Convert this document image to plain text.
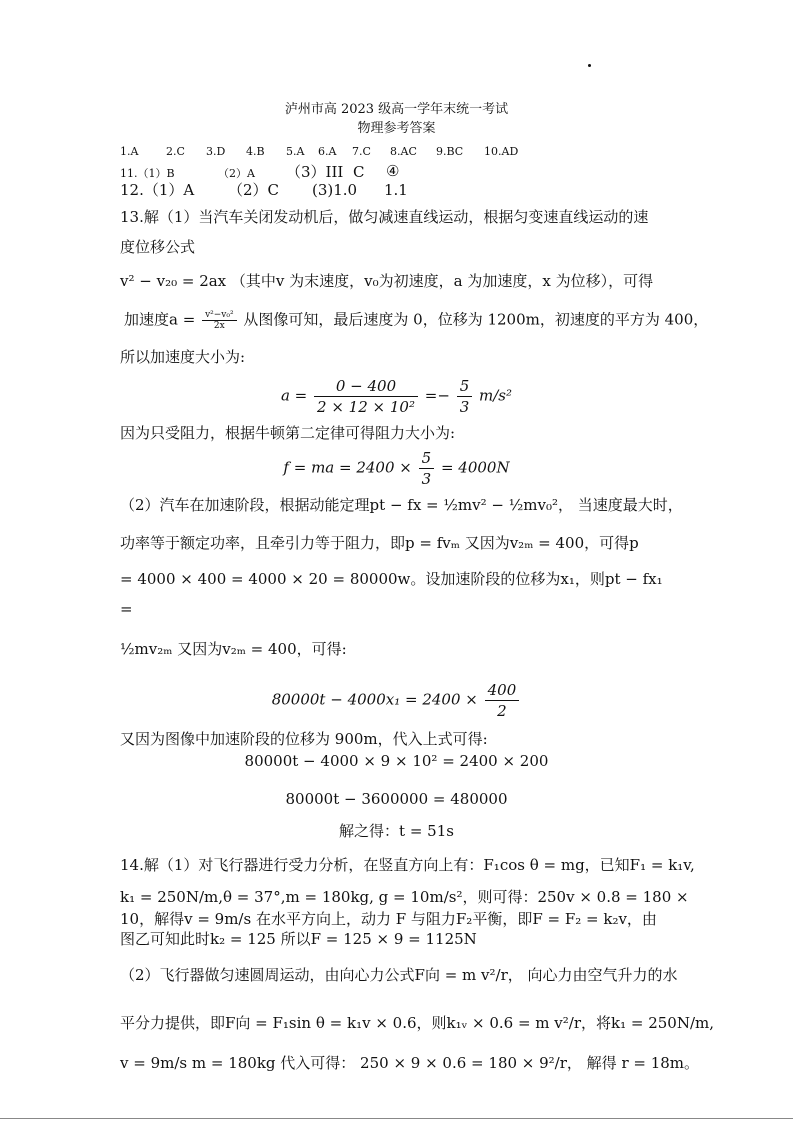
泸州市高 2023 级高一学年末统一考试
物理参考答案
1.A	2.C 3.D 4.B 5.A 6.A 7.C 8.AC 9.BC 10.AD
11.（1）B	（2）A （3）III C ④
12.（1）A （2）C (3)1.0 1.1
13.解（1）当汽车关闭发动机后，做匀减速直线运动，根据匀变速直线运动的速
度位移公式
v² − v₂₀ = 2ax （其中v 为末速度，v₀为初速度，a 为加速度，x 为位移），可得
加速度$a = \frac{\text{v²−v₀²}}{2x}$ 从图像可知，最后速度为 0，位移为 1200m，初速度的平方为 400，
所以加速度大小为:
$a = \frac{0 - 400}{\text{2 × 12 × 10²}} =- \frac{5}{3} m/s^2$
因为只受阻力，根据牛顿第二定律可得阻力大小为:
f = ma = $2400 \times \frac{5}{3} = 4000N$
（2）汽车在加速阶段，根据动能定理pt − fx = ½mv² − ½mv₀²， 当速度最大时，
功率等于额定功率，且牵引力等于阻力，即p = fvₘ 又因为v₂ₘ = 400，可得p
= 4000 × 400 = 4000 × 20 = 80000w。设加速阶段的位移为x₁，则pt − fx₁
=
½mv₂ₘ 又因为v₂ₘ = 400，可得:
$80000t - 4000x_1 = 2400 \times \frac{400}{2}$
又因为图像中加速阶段的位移为 900m，代入上式可得:
80000t − 4000 × 9 × 10² = 2400 × 200
80000t − 3600000 = 480000
解之得：t = 51s
14.解（1）对飞行器进行受力分析，在竖直方向上有：F₁cos θ = mg，已知F₁ = k₁v,
k₁ = 250N/m,θ = 37°,m = 180kg, g = 10m/s²，则可得：250v × 0.8 = 180 ×
10，解得v = 9m/s 在水平方向上，动力 F 与阻力F₂平衡，即F = F₂ = k₂v，由
图乙可知此时k₂ = 125 所以F = 125 × 9 = 1125N
（2）飞行器做匀速圆周运动，由向心力公式F向 = m v²/r， 向心力由空气升力的水
平分力提供，即F向 = F₁sin θ = k₁v × 0.6，则k₁ᵥ × 0.6 = m v²/r，将k₁ = 250N/m,
v = 9m/s m = 180kg 代入可得： 250 × 9 × 0.6 = 180 × 9²/r， 解得 r = 18m。
